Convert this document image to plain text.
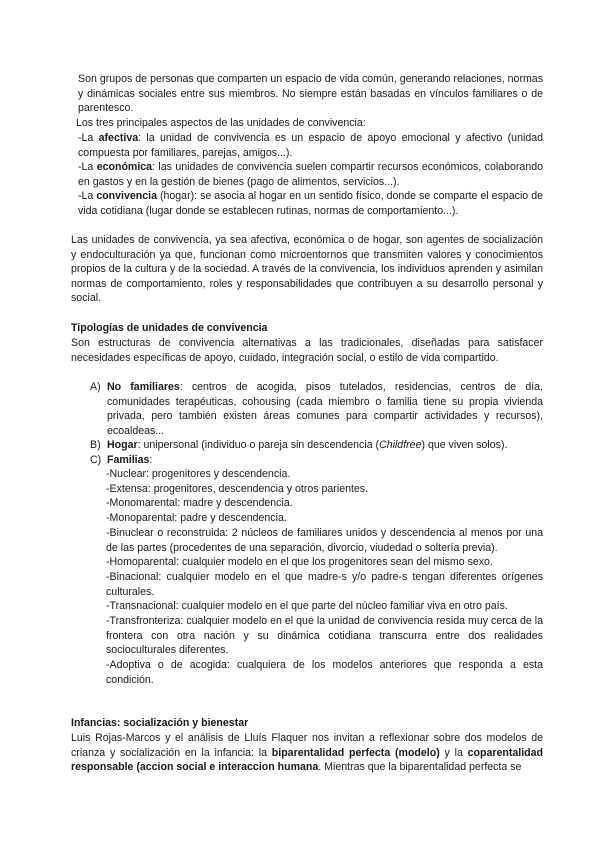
Son grupos de personas que comparten un espacio de vida común, generando relaciones, normas y dinámicas sociales entre sus miembros. No siempre están basadas en vínculos familiares o de parentesco.

Los tres principales aspectos de las unidades de convivencia:

-La afectiva: la unidad de convivencia es un espacio de apoyo emocional y afectivo (unidad compuesta por familiares, parejas, amigos...).

-La económica: las unidades de convivencia suelen compartir recursos económicos, colaborando en gastos y en la gestión de bienes (pago de alimentos, servicios...).

-La convivencia (hogar): se asocia al hogar en un sentido físico, donde se comparte el espacio de vida cotidiana (lugar donde se establecen rutinas, normas de comportamiento...).

Las unidades de convivencia, ya sea afectiva, económica o de hogar, son agentes de socialización y endoculturación ya que, funcionan como microentornos que transmiten valores y conocimientos propios de la cultura y de la sociedad. A través de la convivencia, los individuos aprenden y asimilan normas de comportamiento, roles y responsabilidades que contribuyen a su desarrollo personal y social.

Tipologías de unidades de convivencia

Son estructuras de convivencia alternativas a las tradicionales, diseñadas para satisfacer necesidades específicas de apoyo, cuidado, integración social, o estilo de vida compartido.

A) No familiares: centros de acogida, pisos tutelados, residencias, centros de día, comunidades terapéuticas, cohousing (cada miembro o familia tiene su propia vivienda privada, pero también existen áreas comunes para compartir actividades y recursos), ecoaldeas...
B) Hogar: unipersonal (individuo o pareja sin descendencia (Childfree) que viven solos).
C) Familias:

-Nuclear: progenitores y descendencia.

-Extensa: progenitores, descendencia y otros parientes.

-Monomarental: madre y descendencia.

-Monoparental: padre y descendencia.

-Binuclear o reconstruida: 2 núcleos de familiares unidos y descendencia al menos por una de las partes (procedentes de una separación, divorcio, viudedad o soltería previa).

-Homoparental: cualquier modelo en el que los progenitores sean del mismo sexo.

-Binacional: cualquier modelo en el que madre-s y/o padre-s tengan diferentes orígenes culturales.

-Transnacional: cualquier modelo en el que parte del núcleo familiar viva en otro país.

-Transfronteriza: cualquier modelo en el que la unidad de convivencia resida muy cerca de la frontera con otra nación y su dinámica cotidiana transcurra entre dos realidades socioculturales diferentes.

-Adoptiva o de acogida: cualquiera de los modelos anteriores que responda a esta condición.

Infancias: socialización y bienestar

Luis Rojas-Marcos y el análisis de Lluís Flaquer nos invitan a reflexionar sobre dos modelos de crianza y socialización en la infancia: la biparentalidad perfecta (modelo) y la coparentalidad responsable (accion social e interaccion humana. Mientras que la biparentalidad perfecta se
